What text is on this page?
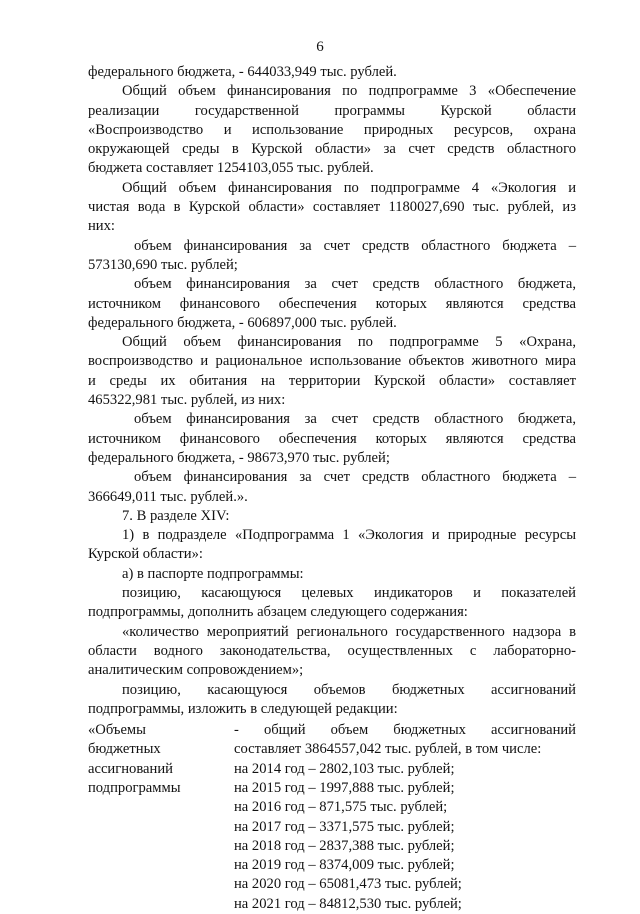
6
федерального бюджета, - 644033,949 тыс. рублей.
Общий объем финансирования по подпрограмме 3 «Обеспечение
реализации государственной программы Курской области
«Воспроизводство и использование природных ресурсов, охрана
окружающей среды в Курской области» за счет средств областного
бюджета составляет 1254103,055 тыс. рублей.
Общий объем финансирования по подпрограмме 4 «Экология и
чистая вода в Курской области» составляет 1180027,690 тыс. рублей, из
них:
объем финансирования за счет средств областного бюджета –
573130,690 тыс. рублей;
объем финансирования за счет средств областного бюджета,
источником финансового обеспечения которых являются средства
федерального бюджета, - 606897,000 тыс. рублей.
Общий объем финансирования по подпрограмме 5 «Охрана,
воспроизводство и рациональное использование объектов животного мира
и среды их обитания на территории Курской области» составляет
465322,981 тыс. рублей, из них:
объем финансирования за счет средств областного бюджета,
источником финансового обеспечения которых являются средства
федерального бюджета, - 98673,970 тыс. рублей;
объем финансирования за счет средств областного бюджета –
366649,011 тыс. рублей.».
7. В разделе XIV:
1) в подразделе «Подпрограмма 1 «Экология и природные ресурсы
Курской области»:
а) в паспорте подпрограммы:
позицию, касающуюся целевых индикаторов и показателей
подпрограммы, дополнить абзацем следующего содержания:
«количество мероприятий регионального государственного надзора в
области водного законодательства, осуществленных с лабораторно-
аналитическим сопровождением»;
позицию, касающуюся объемов бюджетных ассигнований
подпрограммы, изложить в следующей редакции:
«Объемы
бюджетных
ассигнований
подпрограммы
- общий объем бюджетных ассигнований
составляет 3864557,042 тыс. рублей, в том числе:
на 2014 год – 2802,103 тыс. рублей;
на 2015 год – 1997,888 тыс. рублей;
на 2016 год – 871,575 тыс. рублей;
на 2017 год – 3371,575 тыс. рублей;
на 2018 год – 2837,388 тыс. рублей;
на 2019 год – 8374,009 тыс. рублей;
на 2020 год – 65081,473 тыс. рублей;
на 2021 год – 84812,530 тыс. рублей;
